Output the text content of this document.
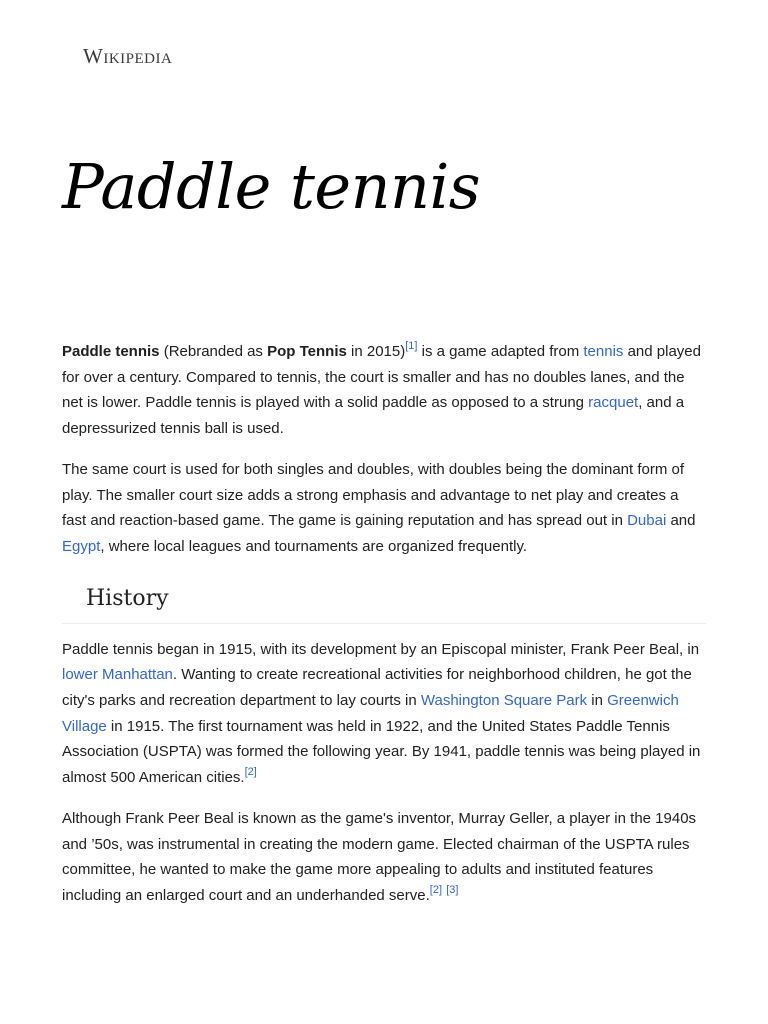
Wikipedia
Paddle tennis

Paddle tennis (Rebranded as Pop Tennis in 2015)[1] is a game adapted from tennis and played for over a century. Compared to tennis, the court is smaller and has no doubles lanes, and the net is lower. Paddle tennis is played with a solid paddle as opposed to a strung racquet, and a depressurized tennis ball is used.

The same court is used for both singles and doubles, with doubles being the dominant form of play. The smaller court size adds a strong emphasis and advantage to net play and creates a fast and reaction-based game. The game is gaining reputation and has spread out in Dubai and Egypt, where local leagues and tournaments are organized frequently.

History

Paddle tennis began in 1915, with its development by an Episcopal minister, Frank Peer Beal, in lower Manhattan. Wanting to create recreational activities for neighborhood children, he got the city's parks and recreation department to lay courts in Washington Square Park in Greenwich Village in 1915. The first tournament was held in 1922, and the United States Paddle Tennis Association (USPTA) was formed the following year. By 1941, paddle tennis was being played in almost 500 American cities.[2]

Although Frank Peer Beal is known as the game's inventor, Murray Geller, a player in the 1940s and ’50s, was instrumental in creating the modern game. Elected chairman of the USPTA rules committee, he wanted to make the game more appealing to adults and instituted features including an enlarged court and an underhanded serve.[2] [3]
